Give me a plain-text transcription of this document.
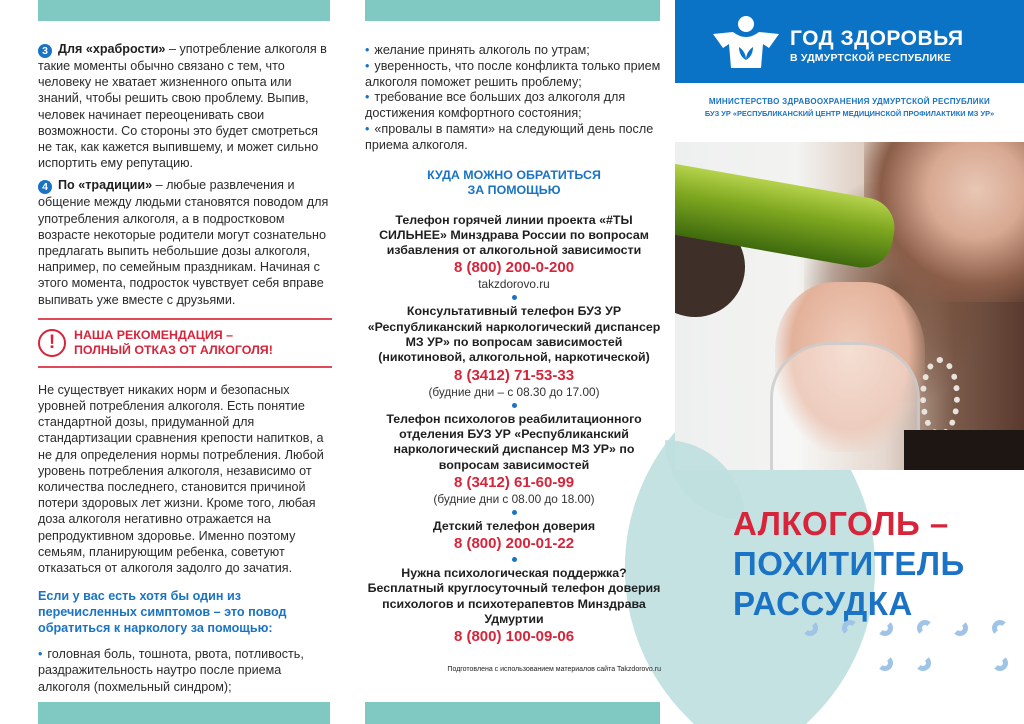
3 Для «храбрости» – употребление алкоголя в такие моменты обычно связано с тем, что человеку не хватает жизненного опыта или знаний, чтобы решить свою проблему. Выпив, человек начинает переоценивать свои возможности. Со стороны это будет смотреться не так, как кажется выпившему, и может сильно испортить ему репутацию.

4 По «традиции» – любые развлечения и общение между людьми становятся поводом для употребления алкоголя, а в подростковом возрасте некоторые родители могут сознательно предлагать выпить небольшие дозы алкоголя, например, по семейным праздникам. Начиная с этого момента, подросток чувствует себя вправе выпивать уже вместе с друзьями.

!	НАША РЕКОМЕНДАЦИЯ –
ПОЛНЫЙ ОТКАЗ ОТ АЛКОГОЛЯ!

Не существует никаких норм и безопасных уровней потребления алкоголя. Есть понятие стандартной дозы, придуманной для стандартизации сравнения крепости напитков, а не для определения нормы потребления. Любой уровень потребления алкоголя, независимо от количества последнего, становится причиной потери здоровых лет жизни. Кроме того, любая доза алкоголя негативно отражается на репродуктивном здоровье. Именно поэтому семьям, планирующим ребенка, советуют отказаться от алкоголя задолго до зачатия.

Если у вас есть хотя бы один из перечисленных симптомов – это повод обратиться к наркологу за помощью:

• головная боль, тошнота, рвота, потливость, раздражительность наутро после приема алкоголя (похмельный синдром);

• желание принять алкоголь по утрам;
• уверенность, что после конфликта только прием алкоголя поможет решить проблему;
• требование все больших доз алкоголя для достижения комфортного состояния;
• «провалы в памяти» на следующий день после приема алкоголя.
КУДА МОЖНО ОБРАТИТЬСЯ
ЗА ПОМОЩЬЮ
Телефон горячей линии проекта «#ТЫ СИЛЬНЕЕ» Минздрава России по вопросам избавления от алкогольной зависимости
8 (800) 200-0-200
takzdorovo.ru
Консультативный телефон БУЗ УР «Республиканский наркологический диспансер МЗ УР» по вопросам зависимостей (никотиновой, алкогольной, наркотической)
8 (3412) 71-53-33
(будние дни – с 08.30 до 17.00)
Телефон психологов реабилитационного отделения БУЗ УР «Республиканский наркологический диспансер МЗ УР» по вопросам зависимостей
8 (3412) 61-60-99
(будние дни с 08.00 до 18.00)
Детский телефон доверия
8 (800) 200-01-22
Нужна психологическая поддержка? Бесплатный круглосуточный телефон доверия психологов и психотерапевтов Минздрава Удмуртии
8 (800) 100-09-06
Подготовлена с использованием материалов сайта Takzdorovo.ru
ГОД ЗДОРОВЬЯ
В УДМУРТСКОЙ РЕСПУБЛИКЕ
МИНИСТЕРСТВО ЗДРАВООХРАНЕНИЯ УДМУРТСКОЙ РЕСПУБЛИКИ
БУЗ УР «РЕСПУБЛИКАНСКИЙ ЦЕНТР МЕДИЦИНСКОЙ ПРОФИЛАКТИКИ МЗ УР»
АЛКОГОЛЬ –
ПОХИТИТЕЛЬ
РАССУДКА
